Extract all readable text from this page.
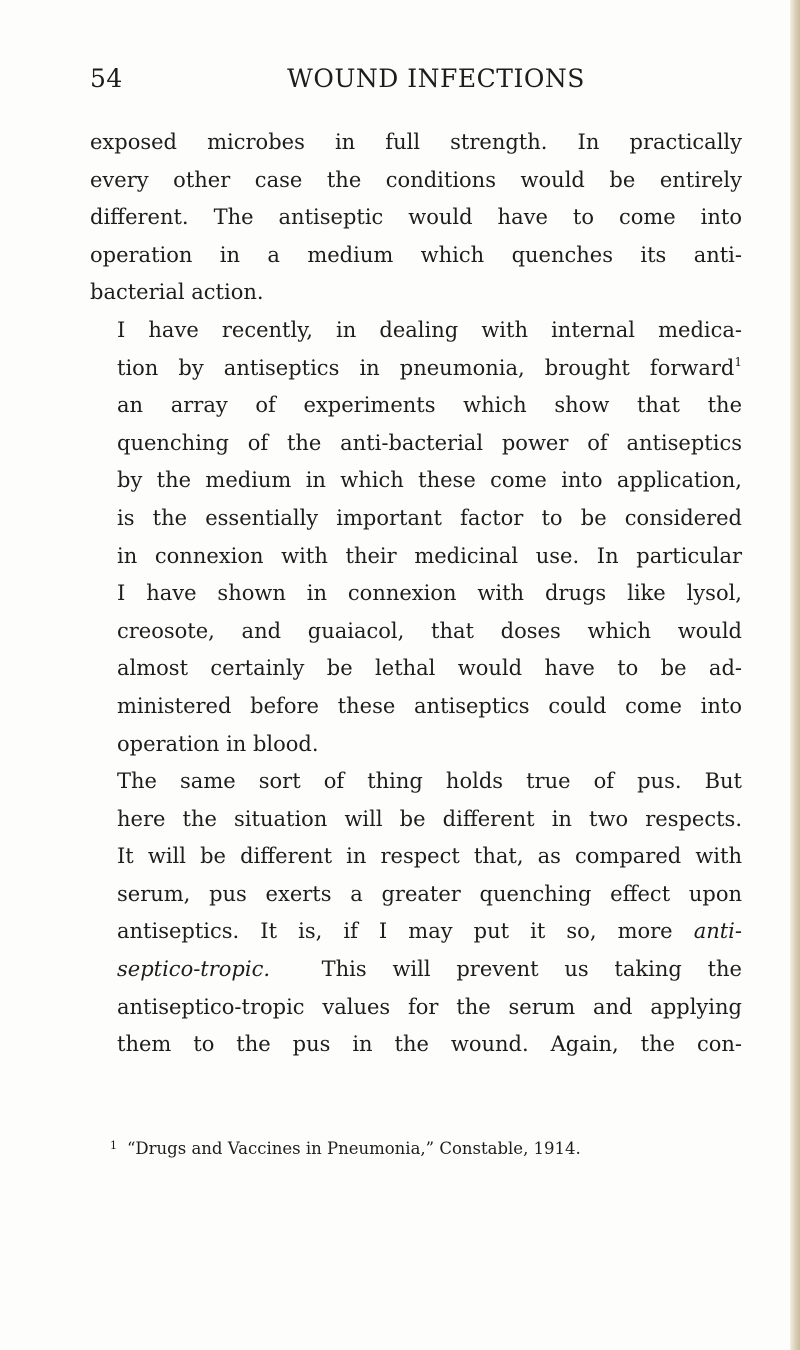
54	WOUND INFECTIONS

exposed microbes in full strength. In practically
every other case the conditions would be entirely
different. The antiseptic would have to come into
operation in a medium which quenches its anti-
bacterial action.

I have recently, in dealing with internal medica-
tion by antiseptics in pneumonia, brought forward$^1$
an array of experiments which show that the
quenching of the anti-bacterial power of antiseptics
by the medium in which these come into application,
is the essentially important factor to be considered
in connexion with their medicinal use. In particular
I have shown in connexion with drugs like lysol,
creosote, and guaiacol, that doses which would
almost certainly be lethal would have to be ad-
ministered before these antiseptics could come into
operation in blood.

The same sort of thing holds true of pus. But
here the situation will be different in two respects.
It will be different in respect that, as compared with
serum, pus exerts a greater quenching effect upon
antiseptics. It is, if I may put it so, more anti-
septico-tropic. This will prevent us taking the
antiseptico-tropic values for the serum and applying
them to the pus in the wound. Again, the con-

$^1$ “Drugs and Vaccines in Pneumonia,” Constable, 1914.
